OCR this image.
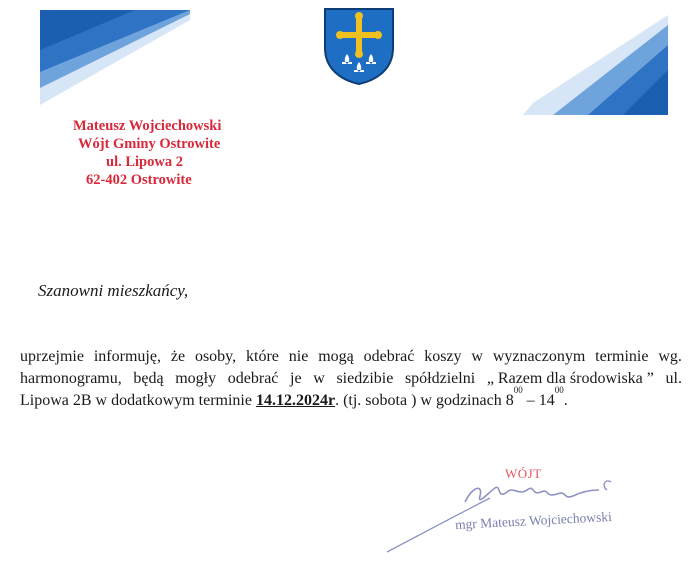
Mateusz Wojciechowski
Wójt Gminy Ostrowite
ul. Lipowa 2
62-402 Ostrowite
Szanowni mieszkańcy,
uprzejmie informuję, że osoby, które nie mogą odebrać koszy w wyznaczonym terminie wg.
harmonogramu, będą mogły odebrać je w siedzibie spółdzielni „ Razem dla środowiska ” ul.
Lipowa 2B w dodatkowym terminie 14.12.2024r . (tj. sobota ) w godzinach 8
00
– 14
00
.
WÓJT
mgr Mateusz Wojciechowski
